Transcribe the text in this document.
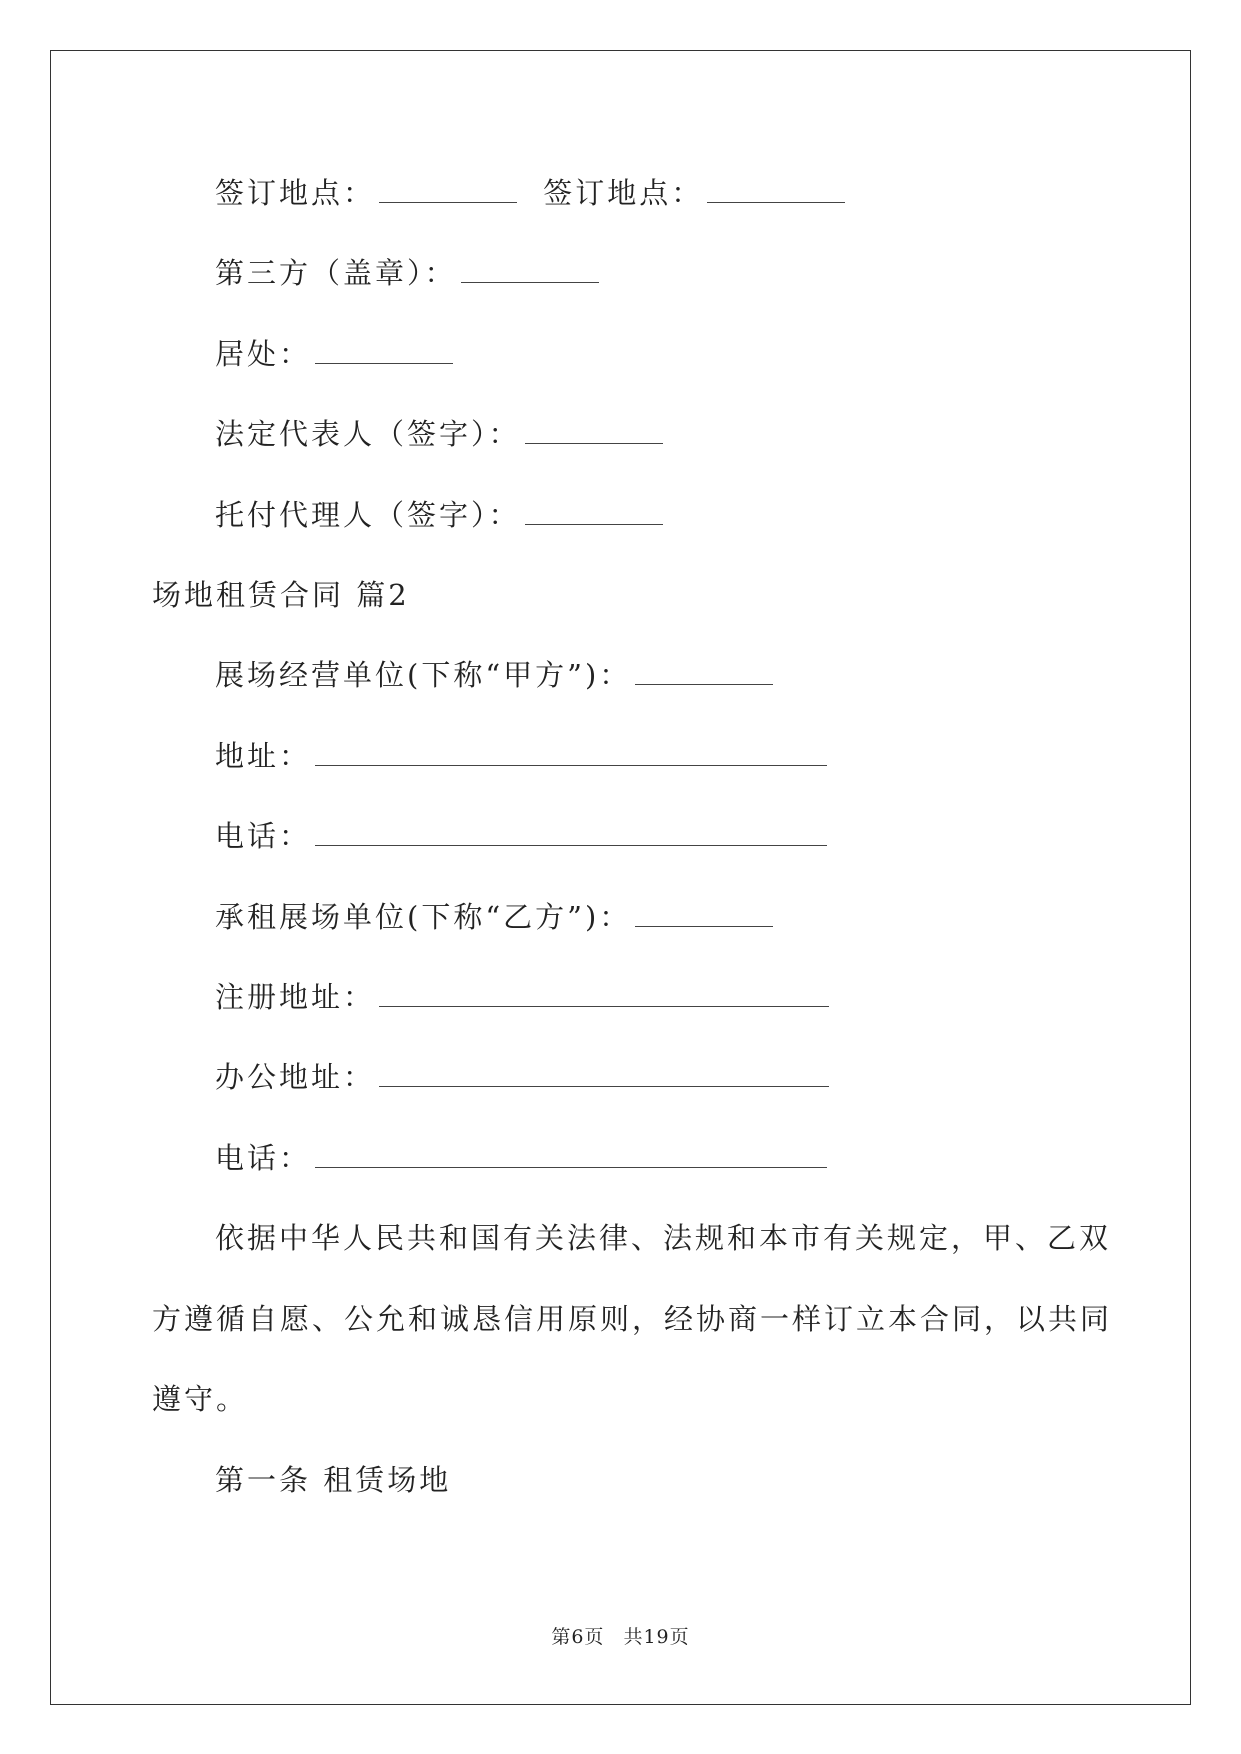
签订地点：	签订地点：
第三方（盖章）：
居处：
法定代表人（签字）：
托付代理人（签字）：
场地租赁合同 篇2
展场经营单位(下称“甲方”)：
地址：
电话：
承租展场单位(下称“乙方”)：
注册地址：
办公地址：
电话：
依据中华人民共和国有关法律、法规和本市有关规定，甲、乙双
方遵循自愿、公允和诚恳信用原则，经协商一样订立本合同，以共同
遵守。
第一条 租赁场地
第6页 共19页
